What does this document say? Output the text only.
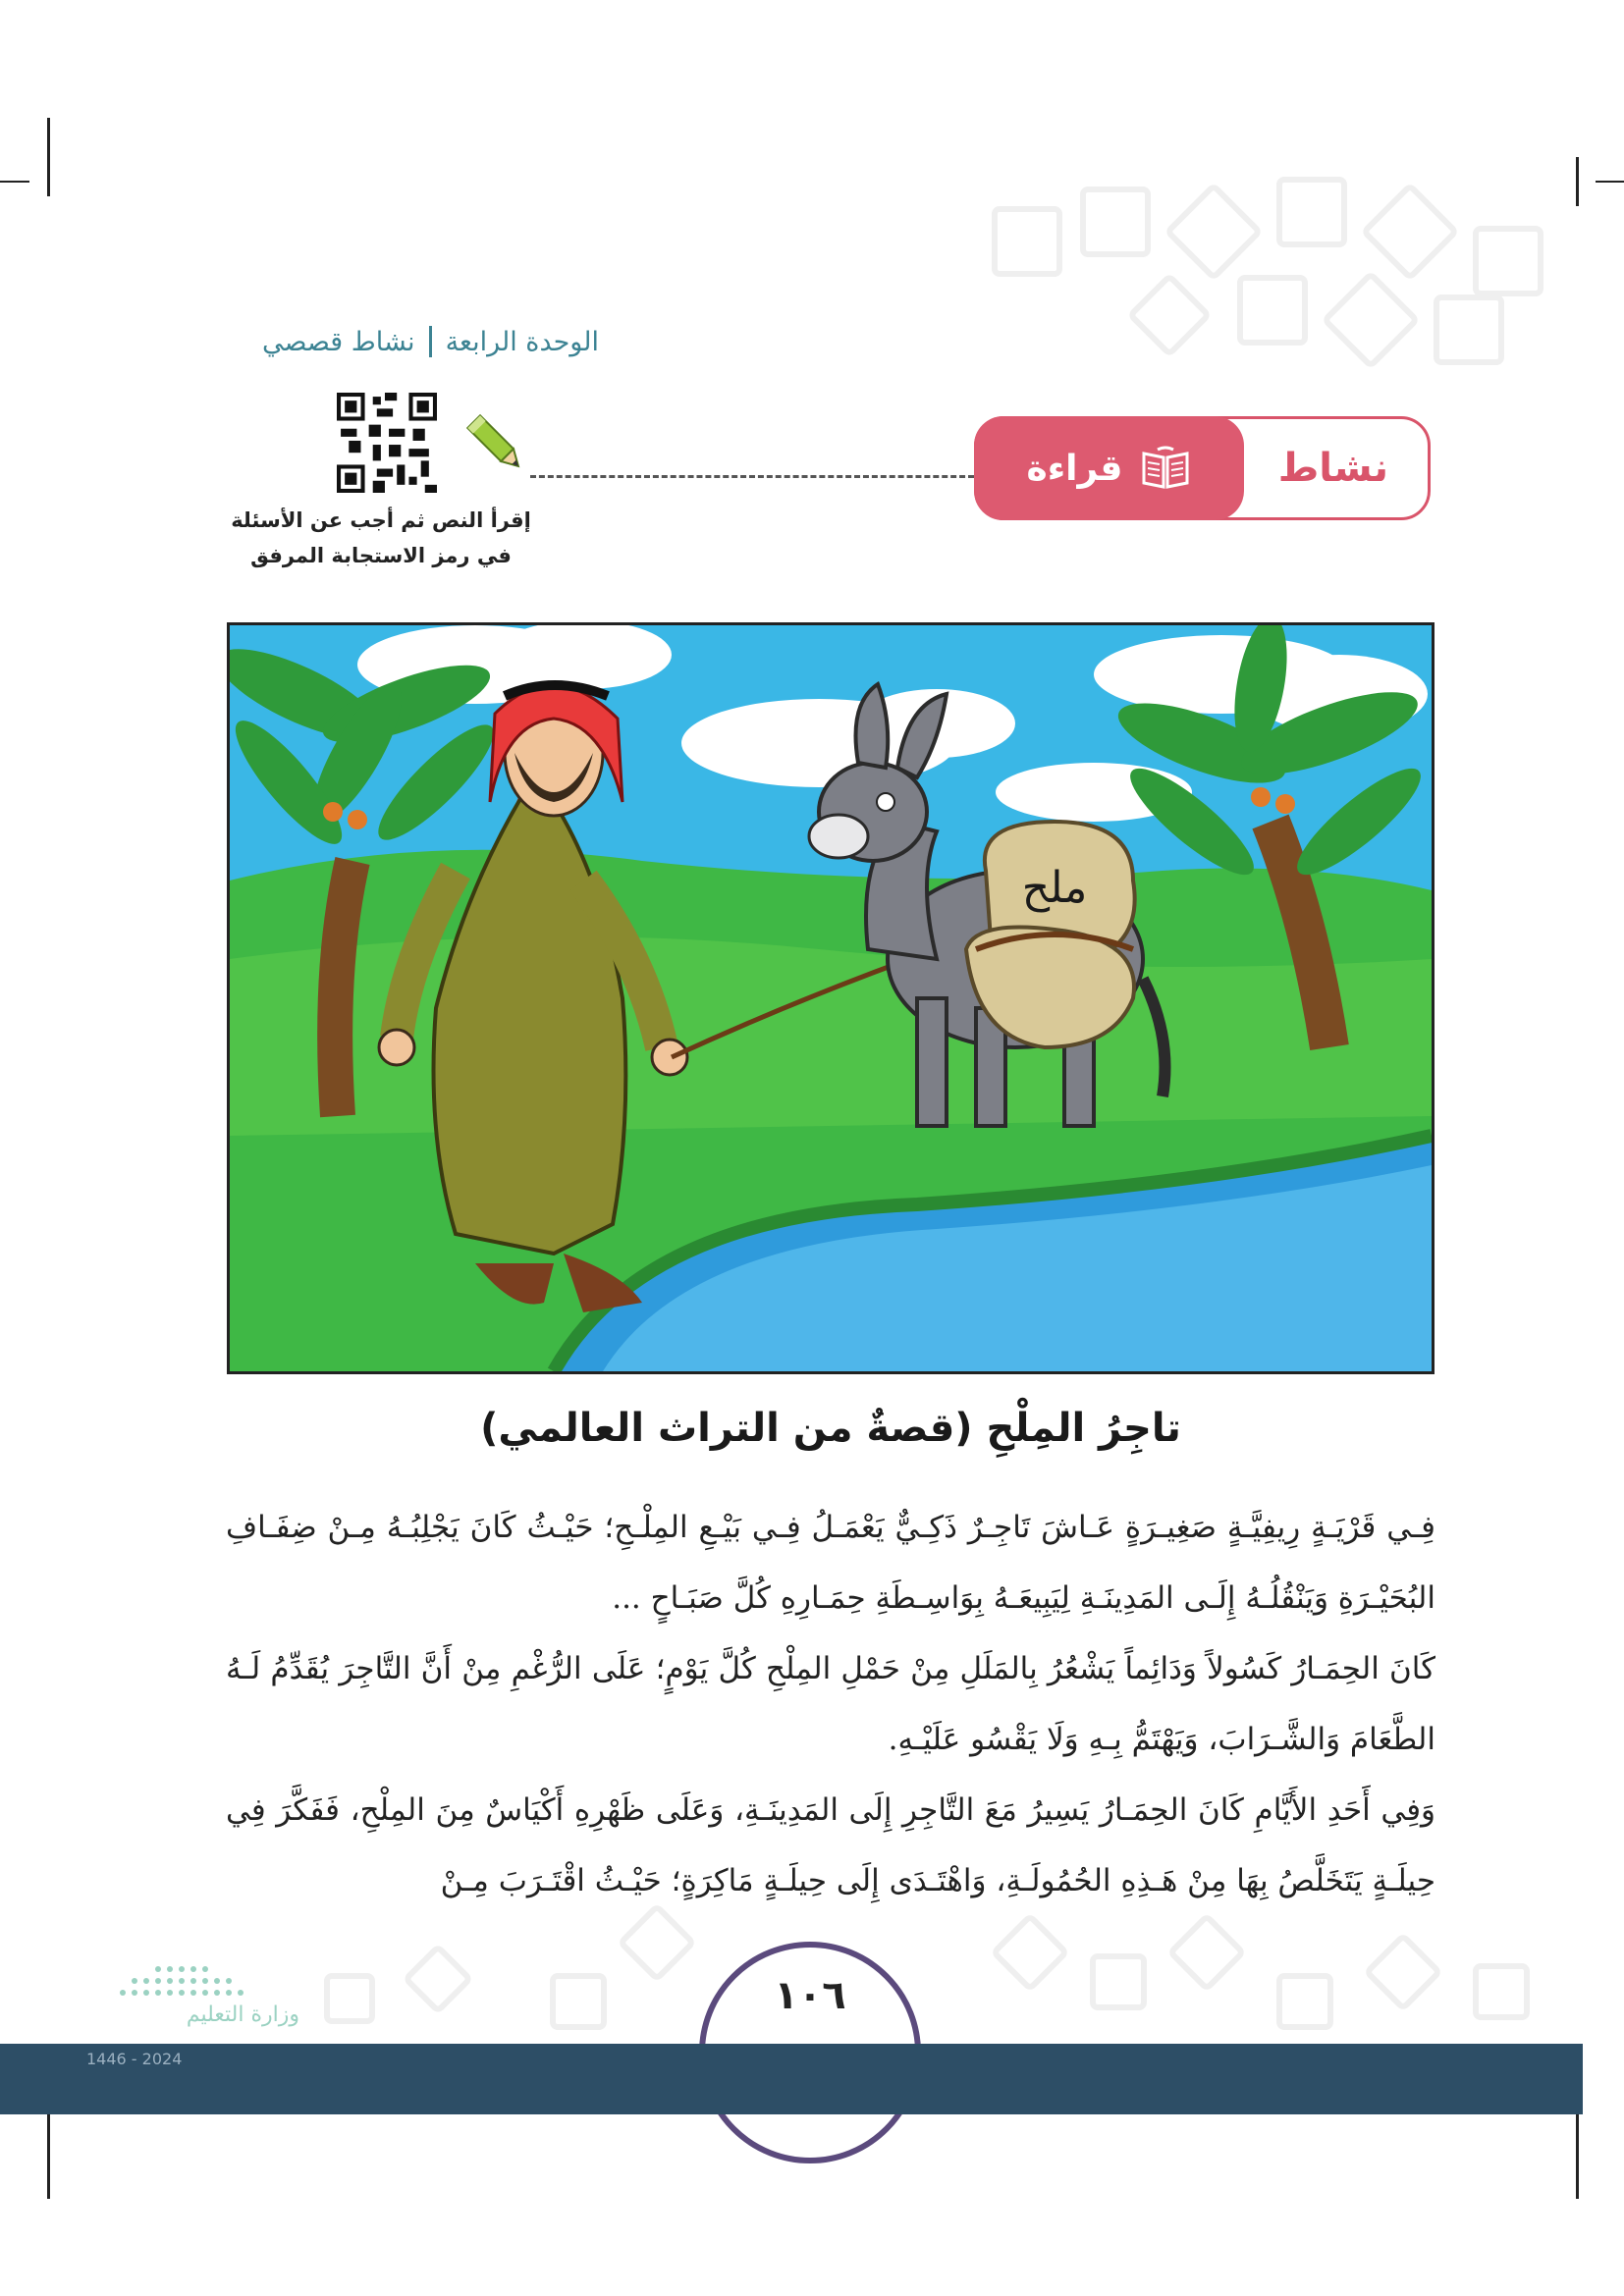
الوحدة الرابعة
نشاط قصصي
نشاط
قراءة
إقرأ النص ثم أجب عن الأسئلة
في رمز الاستجابة المرفق
ملح
تاجِرُ المِلْحِ (قصةٌ من التراث العالمي)

فِـي قَرْيَـةٍ رِيفِيَّـةٍ صَغِيـرَةٍ عَـاشَ تَاجِـرٌ ذَكِـيٌّ يَعْمَـلُ فِـي بَيْـعِ المِلْـحِ؛ حَيْـثُ كَانَ يَجْلِبُـهُ مِـنْ ضِفَـافِ البُحَيْـرَةِ وَيَنْقُلُـهُ إِلَـى المَدِينَـةِ لِيَبِيعَـهُ بِوَاسِـطَةِ حِمَـارِهِ كُلَّ صَبَـاحٍ ...

كَانَ الحِمَـارُ كَسُولاً وَدَائِماً يَشْعُرُ بِالمَلَلِ مِنْ حَمْلِ المِلْحِ كُلَّ يَوْمٍ؛ عَلَى الرُّغْمِ مِنْ أَنَّ التَّاجِرَ يُقَدِّمُ لَـهُ الطَّعَامَ وَالشَّـرَابَ، وَيَهْتَمُّ بِـهِ وَلَا يَقْسُو عَلَيْـهِ.

وَفِي أَحَدِ الأَيَّامِ كَانَ الحِمَـارُ يَسِيرُ مَعَ التَّاجِرِ إِلَى المَدِينَـةِ، وَعَلَى ظَهْرِهِ أَكْيَاسٌ مِنَ المِلْحِ، فَفَكَّرَ فِي حِيلَـةٍ يَتَخَلَّصُ بِهَا مِنْ هَـذِهِ الحُمُولَـةِ، وَاهْتَـدَى إِلَى حِيلَـةٍ مَاكِرَةٍ؛ حَيْـثُ اقْتَـرَبَ مِـنْ

وزارة التعليم	١٠٦
2024 - 1446
